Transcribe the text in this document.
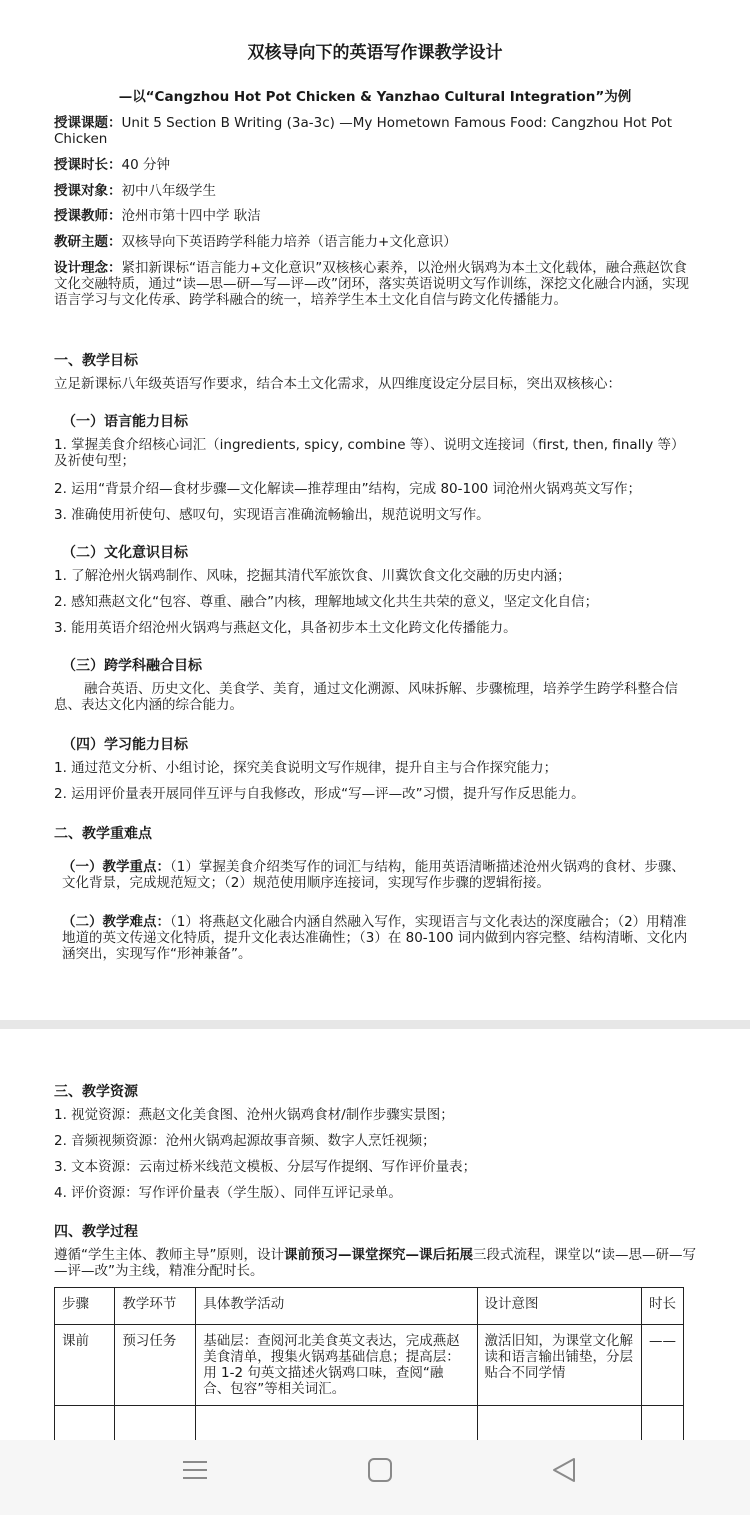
双核导向下的英语写作课教学设计
—以“Cangzhou Hot Pot Chicken & Yanzhao Cultural Integration”为例
授课课题：Unit 5 Section B Writing (3a-3c) —My Hometown Famous Food: Cangzhou Hot Pot Chicken
授课时长：40 分钟
授课对象：初中八年级学生
授课教师：沧州市第十四中学 耿洁
教研主题：双核导向下英语跨学科能力培养（语言能力+文化意识）
设计理念：紧扣新课标“语言能力+文化意识”双核核心素养，以沧州火锅鸡为本土文化载体，融合燕赵饮食文化交融特质，通过“读—思—研—写—评—改”闭环，落实英语说明文写作训练，深挖文化融合内涵，实现语言学习与文化传承、跨学科融合的统一，培养学生本土文化自信与跨文化传播能力。
一、教学目标
立足新课标八年级英语写作要求，结合本土文化需求，从四维度设定分层目标，突出双核核心：
（一）语言能力目标
1. 掌握美食介绍核心词汇（ingredients, spicy, combine 等）、说明文连接词（first, then, finally 等）及祈使句型；
2. 运用“背景介绍—食材步骤—文化解读—推荐理由”结构，完成 80-100 词沧州火锅鸡英文写作；
3. 准确使用祈使句、感叹句，实现语言准确流畅输出，规范说明文写作。
（二）文化意识目标
1. 了解沧州火锅鸡制作、风味，挖掘其清代军旅饮食、川冀饮食文化交融的历史内涵；
2. 感知燕赵文化“包容、尊重、融合”内核，理解地域文化共生共荣的意义，坚定文化自信；
3. 能用英语介绍沧州火锅鸡与燕赵文化，具备初步本土文化跨文化传播能力。
（三）跨学科融合目标
融合英语、历史文化、美食学、美育，通过文化溯源、风味拆解、步骤梳理，培养学生跨学科整合信息、表达文化内涵的综合能力。
（四）学习能力目标
1. 通过范文分析、小组讨论，探究美食说明文写作规律，提升自主与合作探究能力；
2. 运用评价量表开展同伴互评与自我修改，形成“写—评—改”习惯，提升写作反思能力。
二、教学重难点
（一）教学重点：（1）掌握美食介绍类写作的词汇与结构，能用英语清晰描述沧州火锅鸡的食材、步骤、文化背景，完成规范短文；（2）规范使用顺序连接词，实现写作步骤的逻辑衔接。
（二）教学难点：（1）将燕赵文化融合内涵自然融入写作，实现语言与文化表达的深度融合；（2）用精准地道的英文传递文化特质，提升文化表达准确性；（3）在 80-100 词内做到内容完整、结构清晰、文化内涵突出，实现写作“形神兼备”。
三、教学资源
1. 视觉资源：燕赵文化美食图、沧州火锅鸡食材/制作步骤实景图；
2. 音频视频资源：沧州火锅鸡起源故事音频、数字人烹饪视频；
3. 文本资源：云南过桥米线范文模板、分层写作提纲、写作评价量表；
4. 评价资源：写作评价量表（学生版）、同伴互评记录单。
四、教学过程
遵循“学生主体、教师主导”原则，设计课前预习—课堂探究—课后拓展三段式流程，课堂以“读—思—研—写—评—改”为主线，精准分配时长。
步骤	教学环节	具体教学活动	设计意图	时长
课前	预习任务	基础层：查阅河北美食英文表达，完成燕赵美食清单，搜集火锅鸡基础信息；提高层：用 1-2 句英文描述火锅鸡口味，查阅“融合、包容”等相关词汇。	激活旧知，为课堂文化解读和语言输出铺垫，分层贴合不同学情	——
